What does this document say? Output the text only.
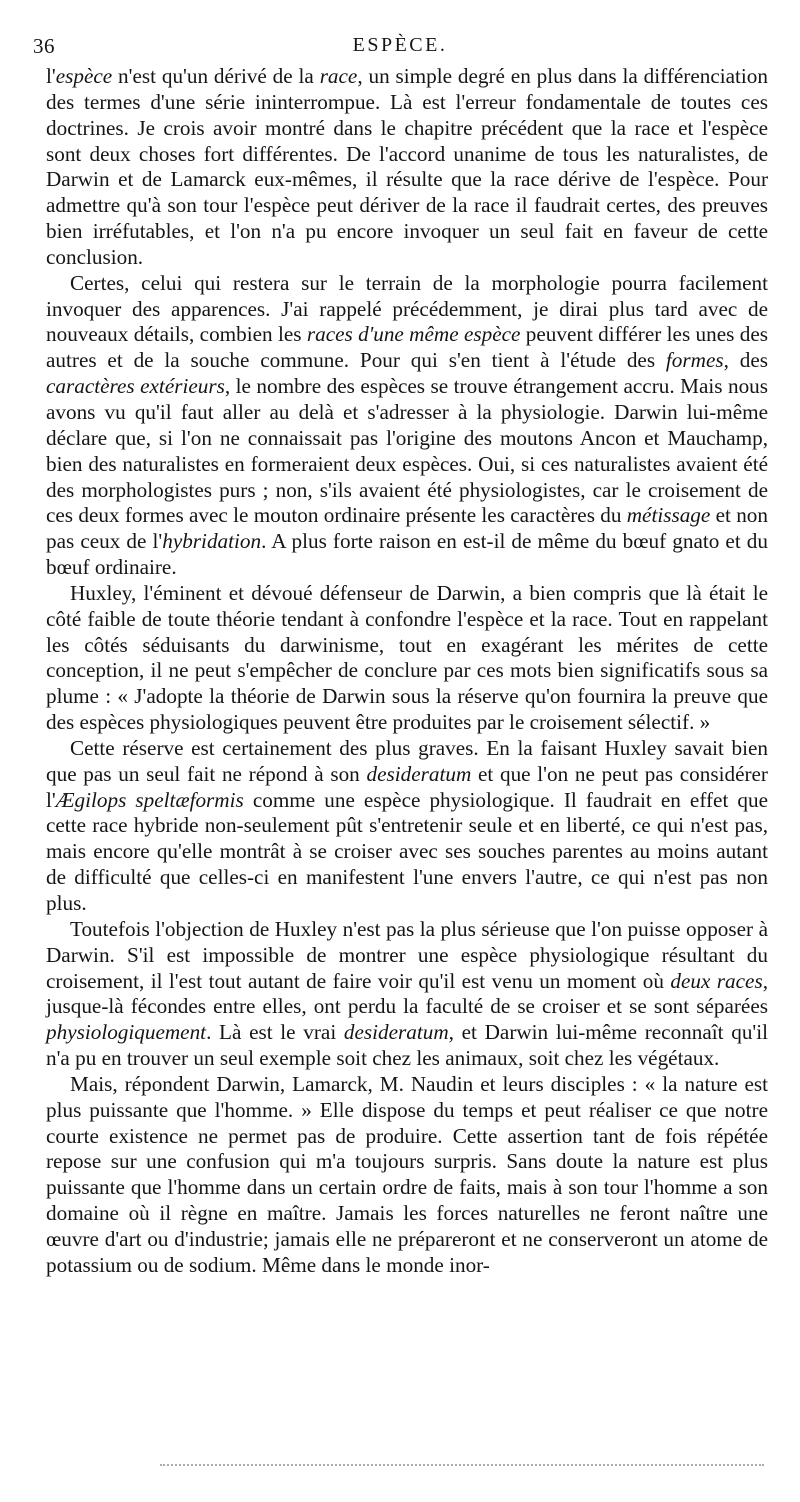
36	ESPÈCE.

l'espèce n'est qu'un dérivé de la race, un simple degré en plus dans la différenciation des termes d'une série ininterrompue. Là est l'erreur fondamentale de toutes ces doctrines. Je crois avoir montré dans le chapitre précédent que la race et l'espèce sont deux choses fort différentes. De l'accord unanime de tous les naturalistes, de Darwin et de Lamarck eux-mêmes, il résulte que la race dérive de l'espèce. Pour admettre qu'à son tour l'espèce peut dériver de la race il faudrait certes, des preuves bien irréfutables, et l'on n'a pu encore invoquer un seul fait en faveur de cette conclusion.

Certes, celui qui restera sur le terrain de la morphologie pourra facilement invoquer des apparences. J'ai rappelé précédemment, je dirai plus tard avec de nouveaux détails, combien les races d'une même espèce peuvent différer les unes des autres et de la souche commune. Pour qui s'en tient à l'étude des formes, des caractères extérieurs, le nombre des espèces se trouve étrangement accru. Mais nous avons vu qu'il faut aller au delà et s'adresser à la physiologie. Darwin lui-même déclare que, si l'on ne connaissait pas l'origine des moutons Ancon et Mauchamp, bien des naturalistes en formeraient deux espèces. Oui, si ces naturalistes avaient été des morphologistes purs ; non, s'ils avaient été physiologistes, car le croisement de ces deux formes avec le mouton ordinaire présente les caractères du métissage et non pas ceux de l'hybridation. A plus forte raison en est-il de même du bœuf gnato et du bœuf ordinaire.

Huxley, l'éminent et dévoué défenseur de Darwin, a bien compris que là était le côté faible de toute théorie tendant à confondre l'espèce et la race. Tout en rappelant les côtés séduisants du darwinisme, tout en exagérant les mérites de cette conception, il ne peut s'empêcher de conclure par ces mots bien significatifs sous sa plume : « J'adopte la théorie de Darwin sous la réserve qu'on fournira la preuve que des espèces physiologiques peuvent être produites par le croisement sélectif. »

Cette réserve est certainement des plus graves. En la faisant Huxley savait bien que pas un seul fait ne répond à son desideratum et que l'on ne peut pas considérer l'Ægilops speltæformis comme une espèce physiologique. Il faudrait en effet que cette race hybride non-seulement pût s'entretenir seule et en liberté, ce qui n'est pas, mais encore qu'elle montrât à se croiser avec ses souches parentes au moins autant de difficulté que celles-ci en manifestent l'une envers l'autre, ce qui n'est pas non plus.

Toutefois l'objection de Huxley n'est pas la plus sérieuse que l'on puisse opposer à Darwin. S'il est impossible de montrer une espèce physiologique résultant du croisement, il l'est tout autant de faire voir qu'il est venu un moment où deux races, jusque-là fécondes entre elles, ont perdu la faculté de se croiser et se sont séparées physiologiquement. Là est le vrai desideratum, et Darwin lui-même reconnaît qu'il n'a pu en trouver un seul exemple soit chez les animaux, soit chez les végétaux.

Mais, répondent Darwin, Lamarck, M. Naudin et leurs disciples : « la nature est plus puissante que l'homme. » Elle dispose du temps et peut réaliser ce que notre courte existence ne permet pas de produire. Cette assertion tant de fois répétée repose sur une confusion qui m'a toujours surpris. Sans doute la nature est plus puissante que l'homme dans un certain ordre de faits, mais à son tour l'homme a son domaine où il règne en maître. Jamais les forces naturelles ne feront naître une œuvre d'art ou d'industrie; jamais elle ne prépareront et ne conserveront un atome de potassium ou de sodium. Même dans le monde inor-
